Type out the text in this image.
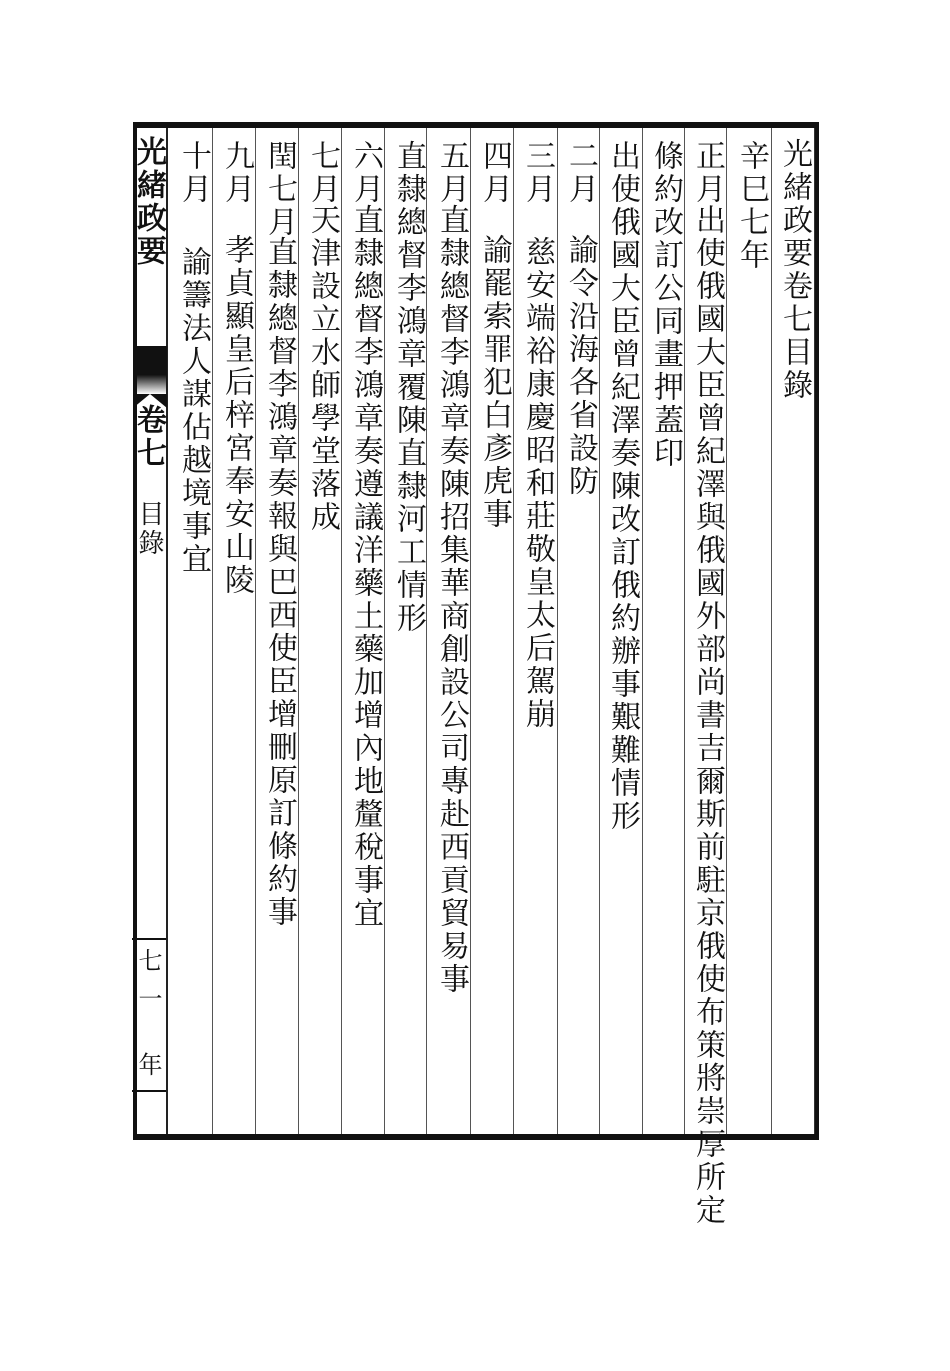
光緒政要卷七目錄
辛巳七年
正月
出使俄國大臣曾紀澤與俄國外部尚書吉爾斯前駐京俄使布策將崇厚所定
條約改訂公同畫押蓋印
出使俄國大臣曾紀澤奏陳改訂俄約辦事艱難情形
二月
諭令沿海各省設防
三月
慈安端裕康慶昭和莊敬皇太后駕崩
四月
諭罷索罪犯白彥虎事
五月
直隸總督李鴻章奏陳招集華商創設公司專赴西貢貿易事
直隸總督李鴻章覆陳直隸河工情形
六月
直隸總督李鴻章奏遵議洋藥土藥加增內地釐稅事宜
七月
天津設立水師學堂落成
閏七月
直隸總督李鴻章奏報與巴西使臣增刪原訂條約事
九月
孝貞顯皇后梓宮奉安山陵
十月
諭籌法人謀佔越境事宜
光緒政要
卷七
目錄
七
一
年
